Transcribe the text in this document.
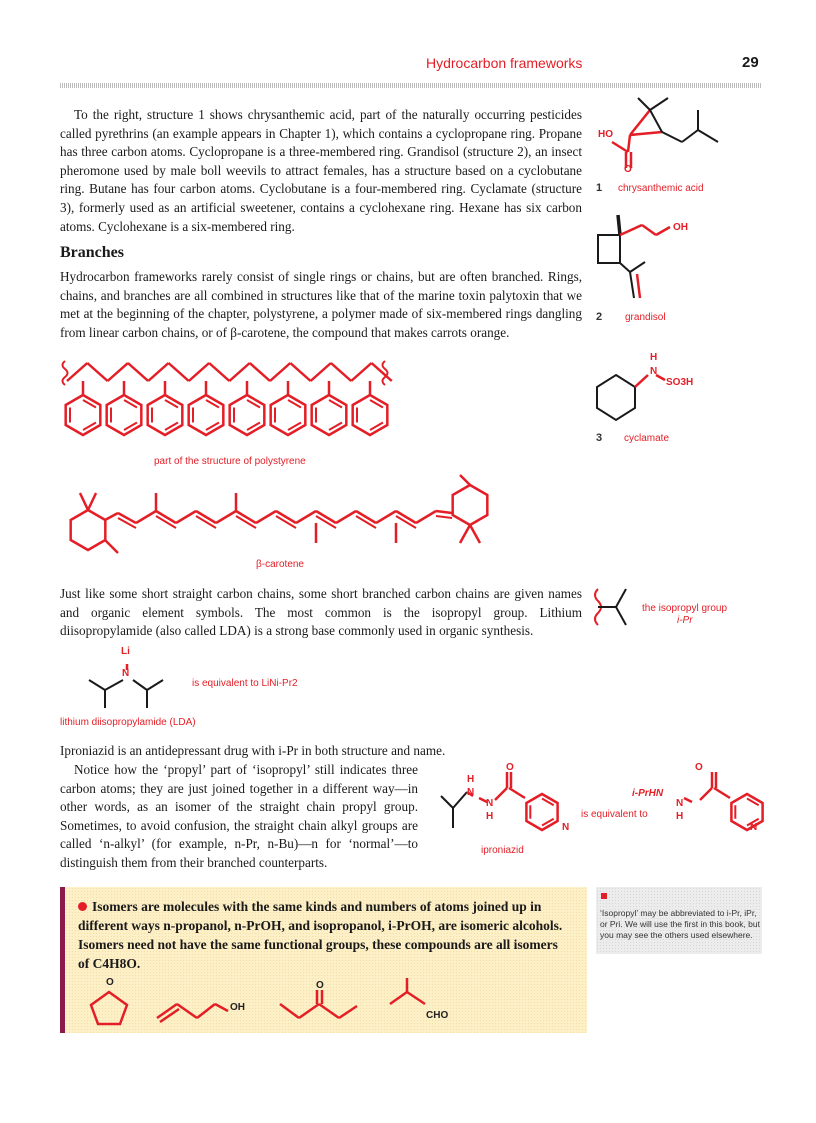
Hydrocarbon frameworks	29

To the right, structure 1 shows chrysanthemic acid, part of the naturally occurring pesticides called pyrethrins (an example appears in Chapter 1), which contains a cyclopropane ring. Propane has three carbon atoms. Cyclopropane is a three-membered ring. Grandisol (structure 2), an insect pheromone used by male boll weevils to attract females, has a structure based on a cyclobutane ring. Butane has four carbon atoms. Cyclobutane is a four-membered ring. Cyclamate (structure 3), formerly used as an artificial sweetener, contains a cyclohexane ring. Hexane has six carbon atoms. Cyclohexane is a six-membered ring.

Branches

Hydrocarbon frameworks rarely consist of single rings or chains, but are often branched. Rings, chains, and branches are all combined in structures like that of the marine toxin palytoxin that we met at the beginning of the chapter, polystyrene, a polymer made of six-membered rings dangling from linear carbon chains, or of β-carotene, the compound that makes carrots orange.

HO
O
1 chrysanthemic acid
OH
2 grandisol
H
N
SO3H
3 cyclamate
part of the structure of polystyrene
β-carotene

Just like some short straight carbon chains, some short branched carbon chains are given names and organic element symbols. The most common is the isopropyl group. Lithium diisopropylamide (also called LDA) is a strong base commonly used in organic synthesis.

the isopropyl group
i-Pr
Li
N
is equivalent to LiNi-Pr2
lithium diisopropylamide (LDA)

Iproniazid is an antidepressant drug with i-Pr in both structure and name.

Notice how the ‘propyl’ part of ‘isopropyl’ still indicates three carbon atoms; they are just joined together in a different way—in other words, as an isomer of the straight chain propyl group. Sometimes, to avoid confusion, the straight chain alkyl groups are called ‘n-alkyl’ (for example, n-Pr, n-Bu)—n for ‘normal’—to distinguish them from their branched counterparts.

H
N
N
H
O
N
iproniazid
is equivalent to
i-PrHN
N
H
O
N
Isomers are molecules with the same kinds and numbers of atoms joined up in different ways n-propanol, n-PrOH, and isopropanol, i-PrOH, are isomeric alcohols. Isomers need not have the same functional groups, these compounds are all isomers of C4H8O.
O
OH
O
CHO
‘Isopropyl’ may be abbreviated to i-Pr, iPr, or Pri. We will use the first in this book, but you may see the others used elsewhere.
